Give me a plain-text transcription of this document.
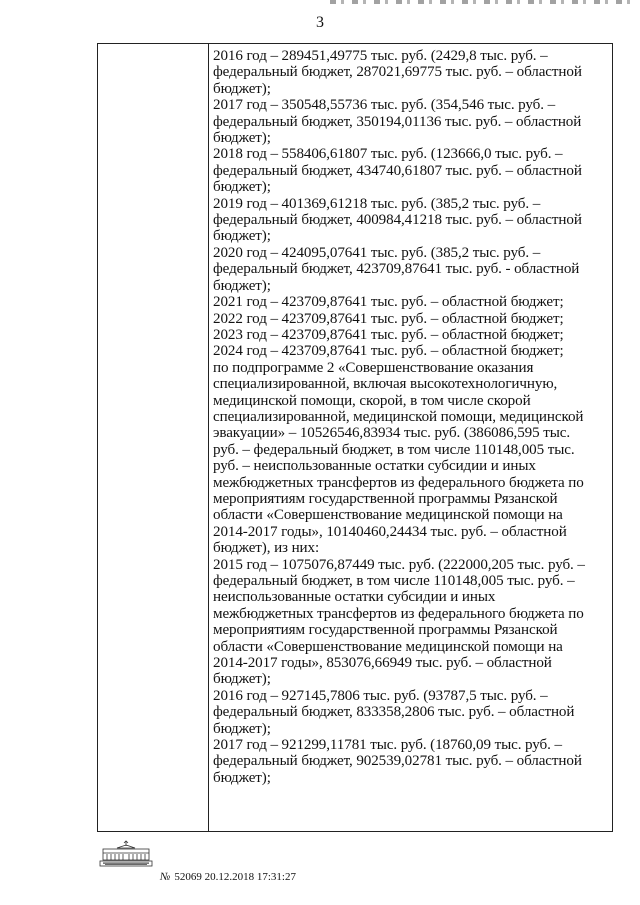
3
2016 год – 289451,49775 тыс. руб. (2429,8 тыс. руб. –
федеральный бюджет, 287021,69775 тыс. руб. – областной
бюджет);
2017 год – 350548,55736 тыс. руб. (354,546 тыс. руб. –
федеральный бюджет, 350194,01136 тыс. руб. – областной
бюджет);
2018 год – 558406,61807 тыс. руб. (123666,0 тыс. руб. –
федеральный бюджет, 434740,61807 тыс. руб. – областной
бюджет);
2019 год – 401369,61218 тыс. руб. (385,2 тыс. руб. –
федеральный бюджет, 400984,41218 тыс. руб. – областной
бюджет);
2020 год – 424095,07641 тыс. руб. (385,2 тыс. руб. –
федеральный бюджет, 423709,87641 тыс. руб. - областной
бюджет);
2021 год – 423709,87641 тыс. руб. – областной бюджет;
2022 год – 423709,87641 тыс. руб. – областной бюджет;
2023 год – 423709,87641 тыс. руб. – областной бюджет;
2024 год – 423709,87641 тыс. руб. – областной бюджет;
по подпрограмме 2 «Совершенствование оказания
специализированной, включая высокотехнологичную,
медицинской помощи, скорой, в том числе скорой
специализированной, медицинской помощи, медицинской
эвакуации» – 10526546,83934 тыс. руб. (386086,595 тыс.
руб. – федеральный бюджет, в том числе 110148,005 тыс.
руб. – неиспользованные остатки субсидии и иных
межбюджетных трансфертов из федерального бюджета по
мероприятиям государственной программы Рязанской
области «Совершенствование медицинской помощи на
2014-2017 годы», 10140460,24434 тыс. руб. – областной
бюджет), из них:
2015 год – 1075076,87449 тыс. руб. (222000,205 тыс. руб. –
федеральный бюджет, в том числе 110148,005 тыс. руб. –
неиспользованные остатки субсидии и иных
межбюджетных трансфертов из федерального бюджета по
мероприятиям государственной программы Рязанской
области «Совершенствование медицинской помощи на
2014-2017 годы», 853076,66949 тыс. руб. – областной
бюджет);
2016 год – 927145,7806 тыс. руб. (93787,5 тыс. руб. –
федеральный бюджет, 833358,2806 тыс. руб. – областной
бюджет);
2017 год – 921299,11781 тыс. руб. (18760,09 тыс. руб. –
федеральный бюджет, 902539,02781 тыс. руб. – областной
бюджет);
№ 52069 20.12.2018 17:31:27
